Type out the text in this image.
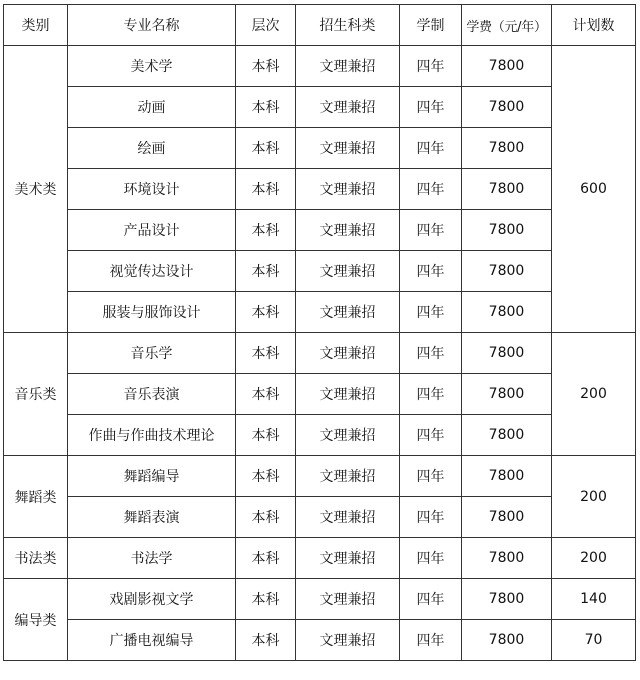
类别	专业名称	层次	招生科类	学制	学费（元/年）	计划数
美术类	美术学	本科	文理兼招	四年	7800	600
	动画	本科	文理兼招	四年	7800	
	绘画	本科	文理兼招	四年	7800	
	环境设计	本科	文理兼招	四年	7800	
	产品设计	本科	文理兼招	四年	7800	
	视觉传达设计	本科	文理兼招	四年	7800	
	服装与服饰设计	本科	文理兼招	四年	7800	
音乐类	音乐学	本科	文理兼招	四年	7800	200
	音乐表演	本科	文理兼招	四年	7800	
	作曲与作曲技术理论	本科	文理兼招	四年	7800	
舞蹈类	舞蹈编导	本科	文理兼招	四年	7800	200
	舞蹈表演	本科	文理兼招	四年	7800	
书法类	书法学	本科	文理兼招	四年	7800	200
编导类	戏剧影视文学	本科	文理兼招	四年	7800	140
	广播电视编导	本科	文理兼招	四年	7800	70
